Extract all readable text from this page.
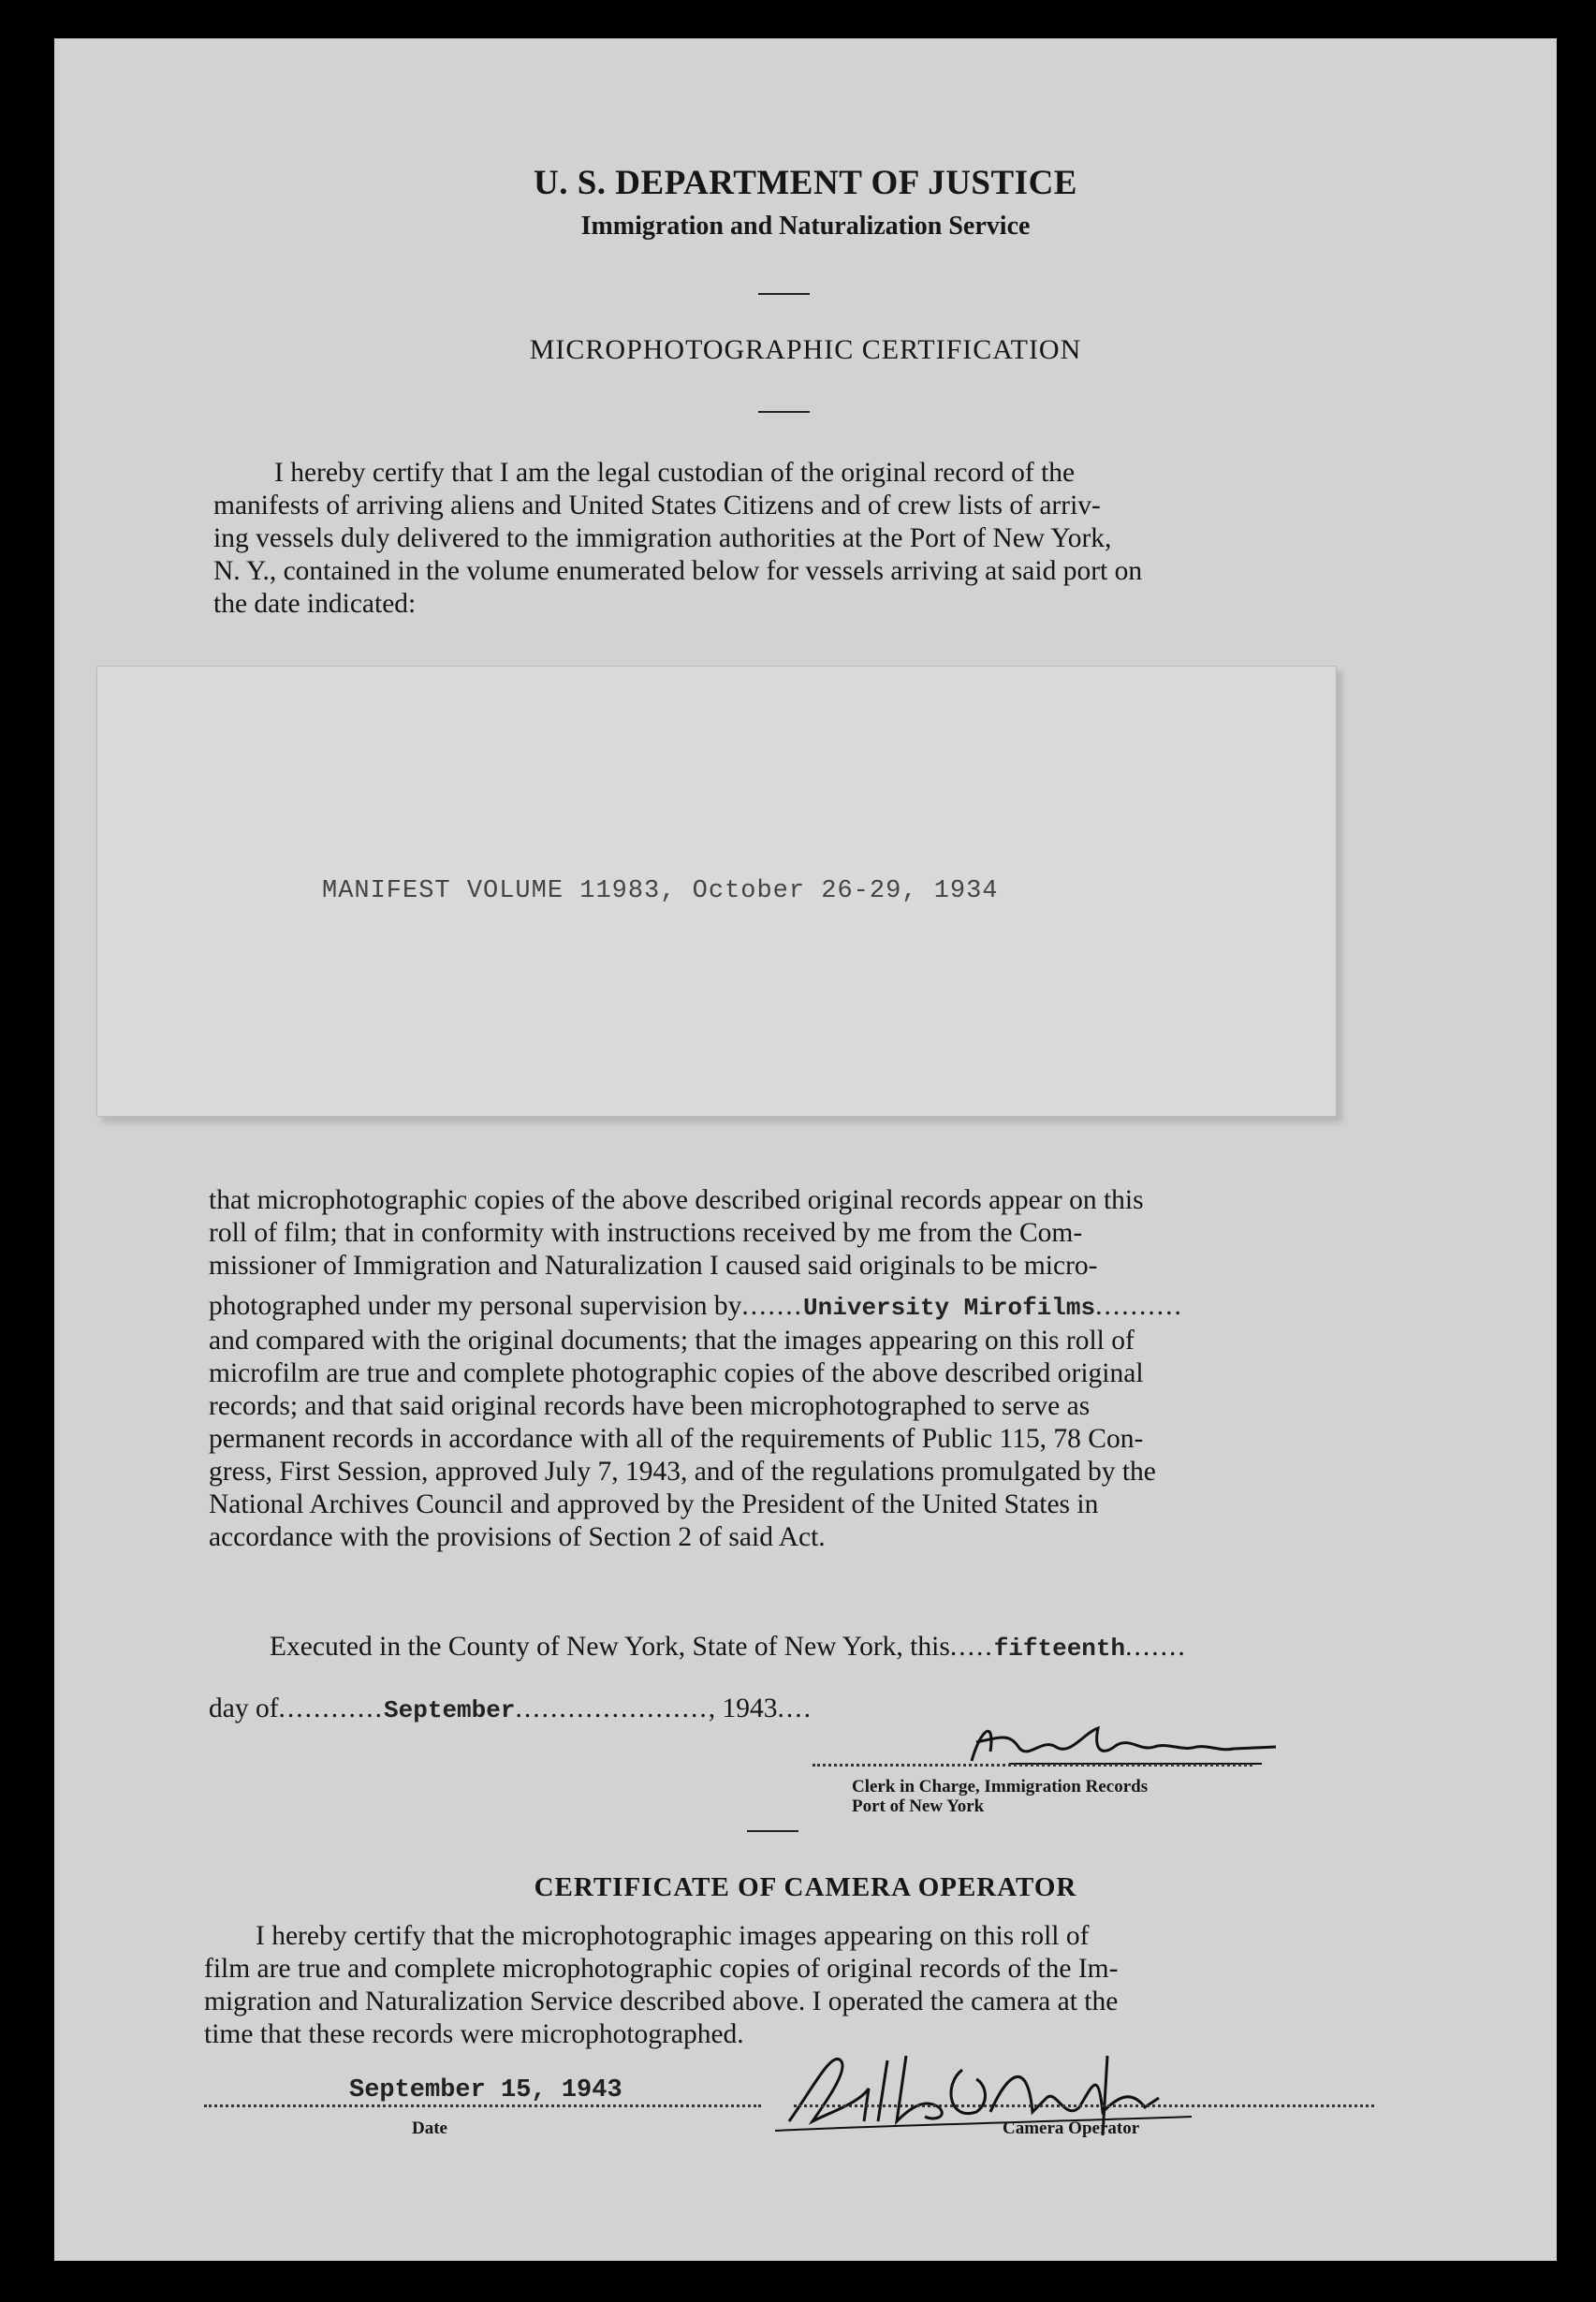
U. S. DEPARTMENT OF JUSTICE
Immigration and Naturalization Service
MICROPHOTOGRAPHIC CERTIFICATION
I hereby certify that I am the legal custodian of the original record of the
manifests of arriving aliens and United States Citizens and of crew lists of arriv-
ing vessels duly delivered to the immigration authorities at the Port of New York,
N. Y., contained in the volume enumerated below for vessels arriving at said port on
the date indicated:
MANIFEST VOLUME 11983, October 26-29, 1934
that microphotographic copies of the above described original records appear on this
roll of film; that in conformity with instructions received by me from the Com-
missioner of Immigration and Naturalization I caused said originals to be micro-
photographed under my personal supervision by.......University Mirofilms..........
and compared with the original documents; that the images appearing on this roll of
microfilm are true and complete photographic copies of the above described original
records; and that said original records have been microphotographed to serve as
permanent records in accordance with all of the requirements of Public 115, 78 Con-
gress, First Session, approved July 7, 1943, and of the regulations promulgated by the
National Archives Council and approved by the President of the United States in
accordance with the provisions of Section 2 of said Act.
Executed in the County of New York, State of New York, this.....fifteenth.......
day of............September......................, 1943....
Clerk in Charge, Immigration Records
Port of New York
CERTIFICATE OF CAMERA OPERATOR
I hereby certify that the microphotographic images appearing on this roll of
film are true and complete microphotographic copies of original records of the Im-
migration and Naturalization Service described above. I operated the camera at the
time that these records were microphotographed.
September 15, 1943
Date	Camera Operator
